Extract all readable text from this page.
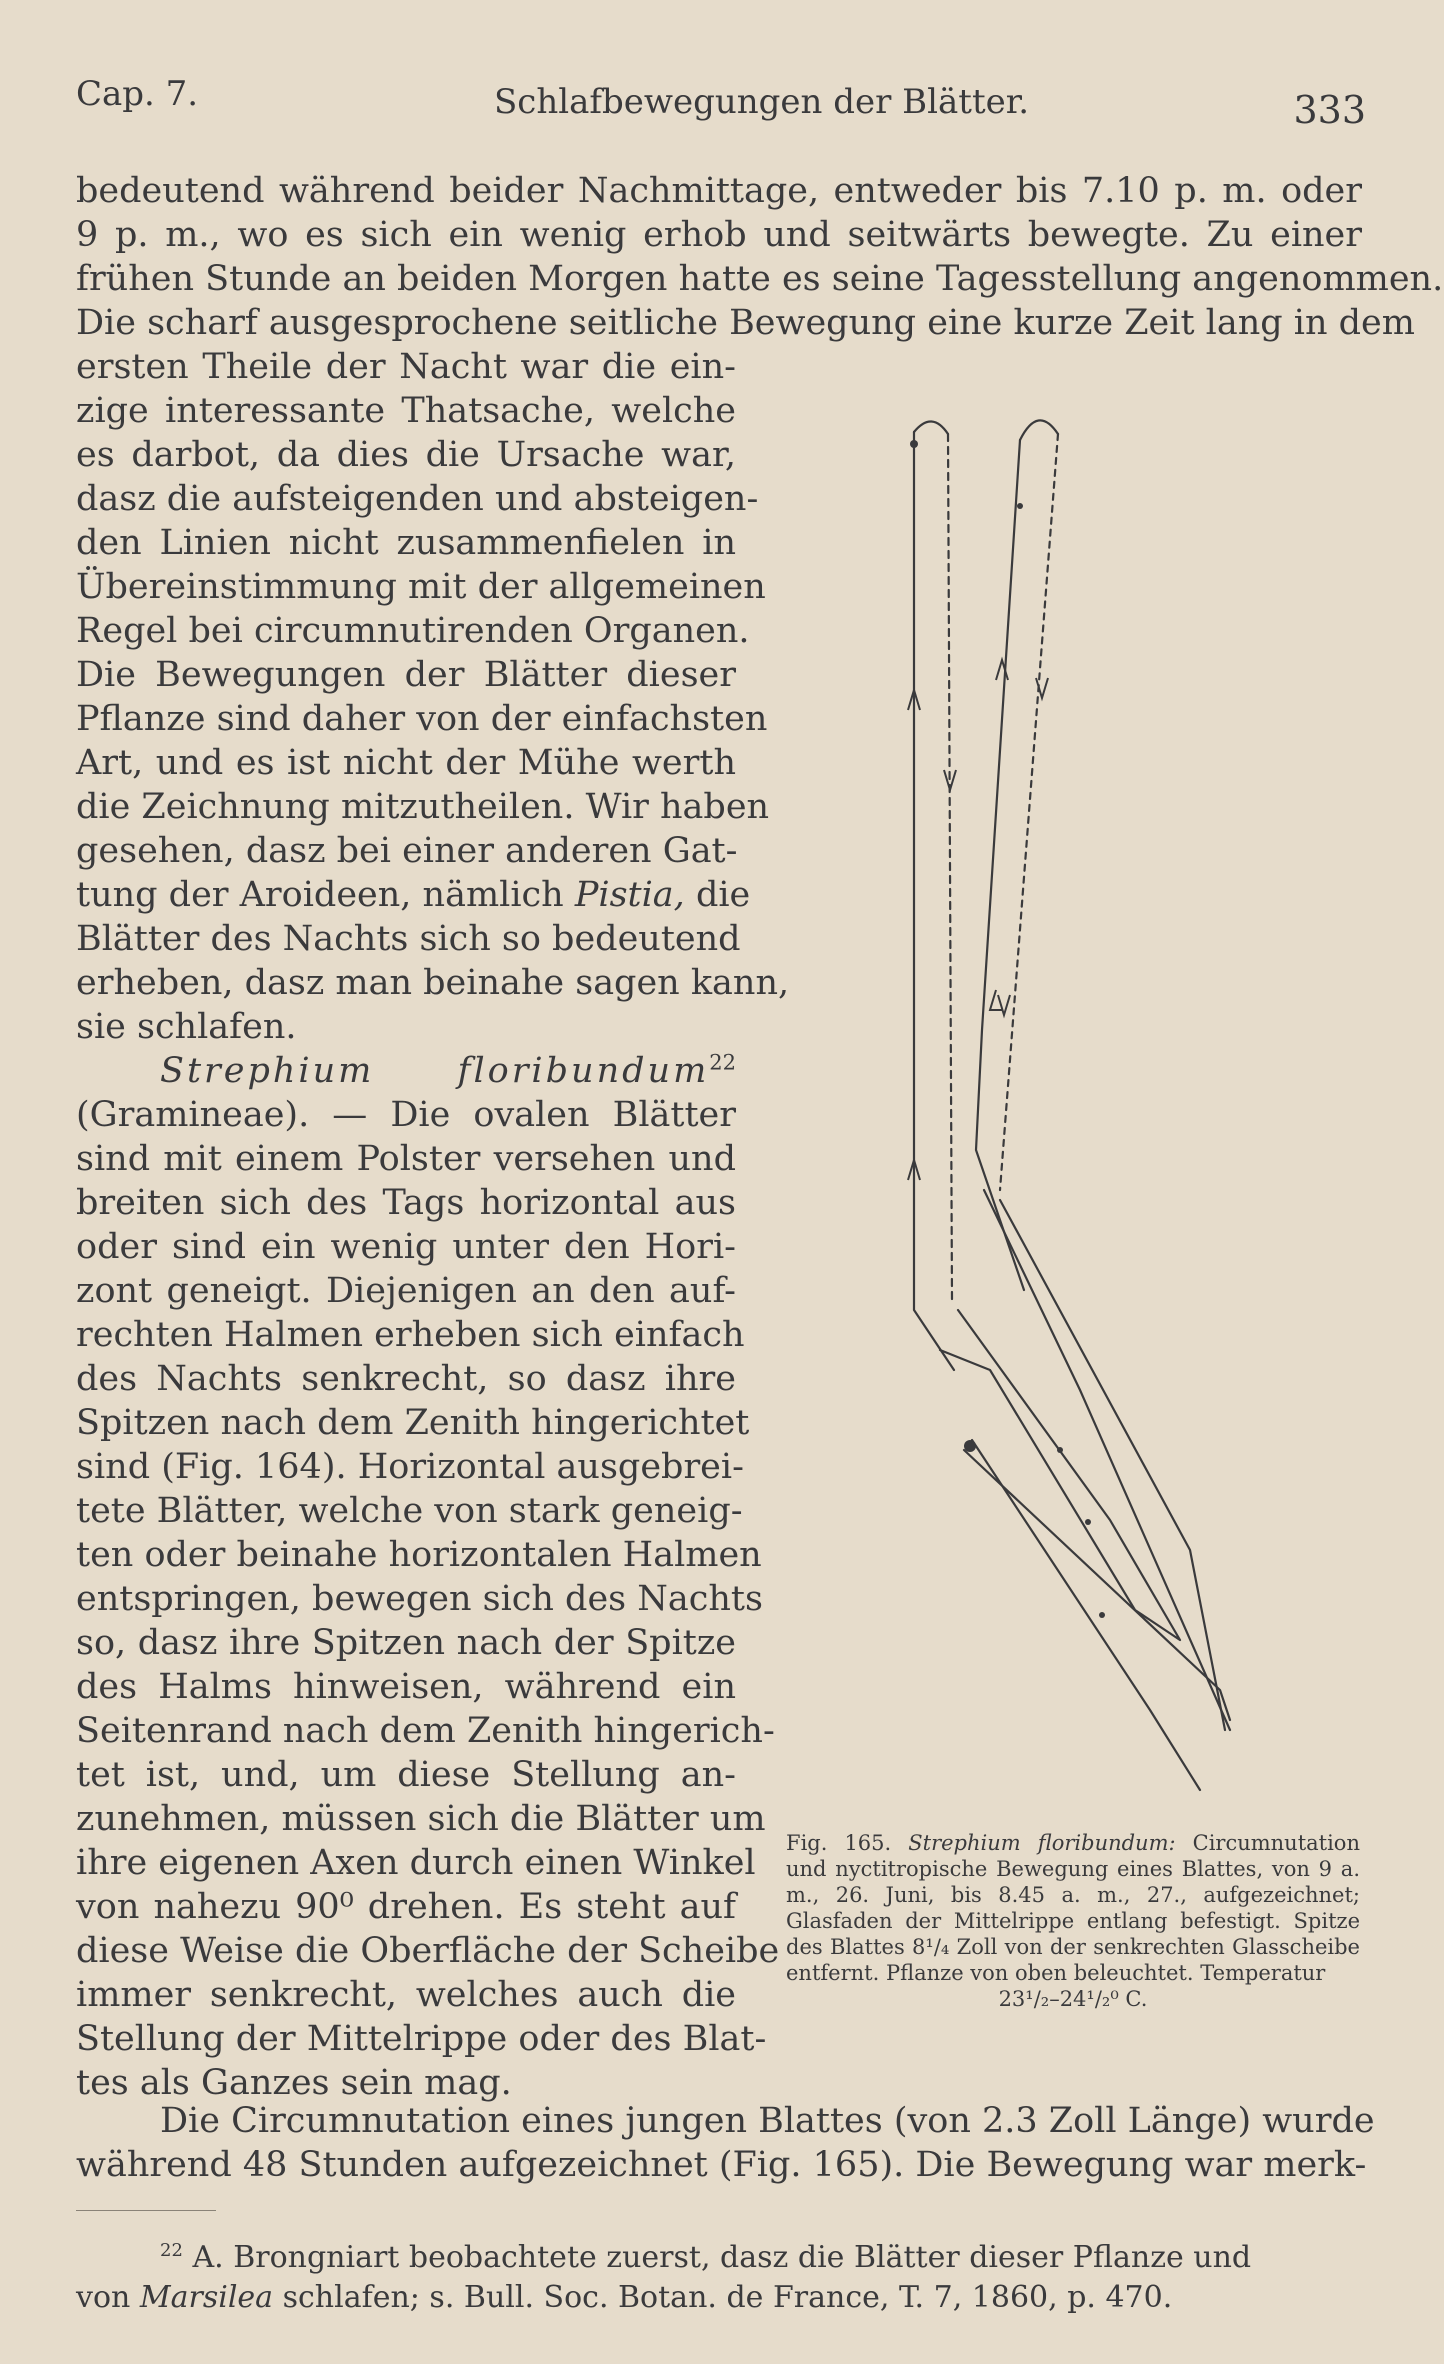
Cap. 7.	Schlafbewegungen der Blätter.	333
bedeutend während beider Nachmittage, entweder bis 7.10 p. m. oder
9 p. m., wo es sich ein wenig erhob und seitwärts bewegte. Zu einer
frühen Stunde an beiden Morgen hatte es seine Tagesstellung angenommen.
Die scharf ausgesprochene seitliche Bewegung eine kurze Zeit lang in dem
ersten Theile der Nacht war die ein-
zige interessante Thatsache, welche
es darbot, da dies die Ursache war,
dasz die aufsteigenden und absteigen-
den Linien nicht zusammenfielen in
Übereinstimmung mit der allgemeinen
Regel bei circumnutirenden Organen.
Die Bewegungen der Blätter dieser
Pflanze sind daher von der einfachsten
Art, und es ist nicht der Mühe werth
die Zeichnung mitzutheilen. Wir haben
gesehen, dasz bei einer anderen Gat-
tung der Aroideen, nämlich Pistia, die
Blätter des Nachts sich so bedeutend
erheben, dasz man beinahe sagen kann,
sie schlafen.
Strephium floribundum$^{22}$
(Gramineae). — Die ovalen Blätter
sind mit einem Polster versehen und
breiten sich des Tags horizontal aus
oder sind ein wenig unter den Hori-
zont geneigt. Diejenigen an den auf-
rechten Halmen erheben sich einfach
des Nachts senkrecht, so dasz ihre
Spitzen nach dem Zenith hingerichtet
sind (Fig. 164). Horizontal ausgebrei-
tete Blätter, welche von stark geneig-
ten oder beinahe horizontalen Halmen
entspringen, bewegen sich des Nachts
so, dasz ihre Spitzen nach der Spitze
des Halms hinweisen, während ein
Seitenrand nach dem Zenith hingerich-
tet ist, und, um diese Stellung an-
zunehmen, müssen sich die Blätter um
ihre eigenen Axen durch einen Winkel
von nahezu 90⁰ drehen. Es steht auf
diese Weise die Oberfläche der Scheibe
immer senkrecht, welches auch die
Stellung der Mittelrippe oder des Blat-
tes als Ganzes sein mag.
Die Circumnutation eines jungen Blattes (von 2.3 Zoll Länge) wurde
während 48 Stunden aufgezeichnet (Fig. 165). Die Bewegung war merk-
Fig. 165. Strephium floribundum: Circumnutation und nyctitropische Bewegung eines Blattes, von 9 a. m., 26. Juni, bis 8.45 a. m., 27., aufgezeichnet; Glasfaden der Mittelrippe entlang befestigt. Spitze des Blattes 8¹/₄ Zoll von der senkrechten Glasscheibe entfernt. Pflanze von oben beleuchtet. Temperatur
23¹/₂–24¹/₂⁰ C.
$^{22}$ A. Brongniart beobachtete zuerst, dasz die Blätter dieser Pflanze und
von Marsilea schlafen; s. Bull. Soc. Botan. de France, T. 7, 1860, p. 470.
